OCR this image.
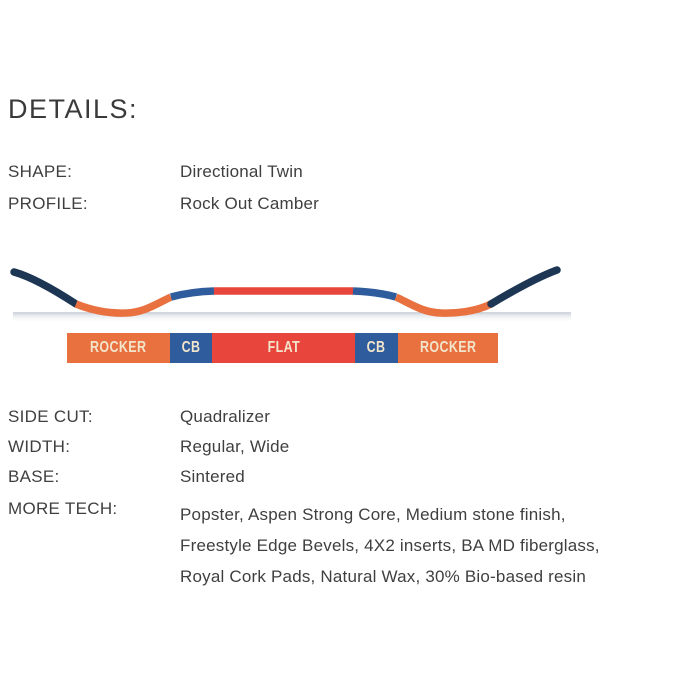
DETAILS:
SHAPE:	Directional Twin
PROFILE:	Rock Out Camber
ROCKER CB	FLAT	CB ROCKER
SIDE CUT:	Quadralizer
WIDTH:	Regular, Wide
BASE:	Sintered
MORE TECH:	Popster, Aspen Strong Core, Medium stone finish,
Freestyle Edge Bevels, 4X2 inserts, BA MD fiberglass,
Royal Cork Pads, Natural Wax, 30% Bio-based resin
